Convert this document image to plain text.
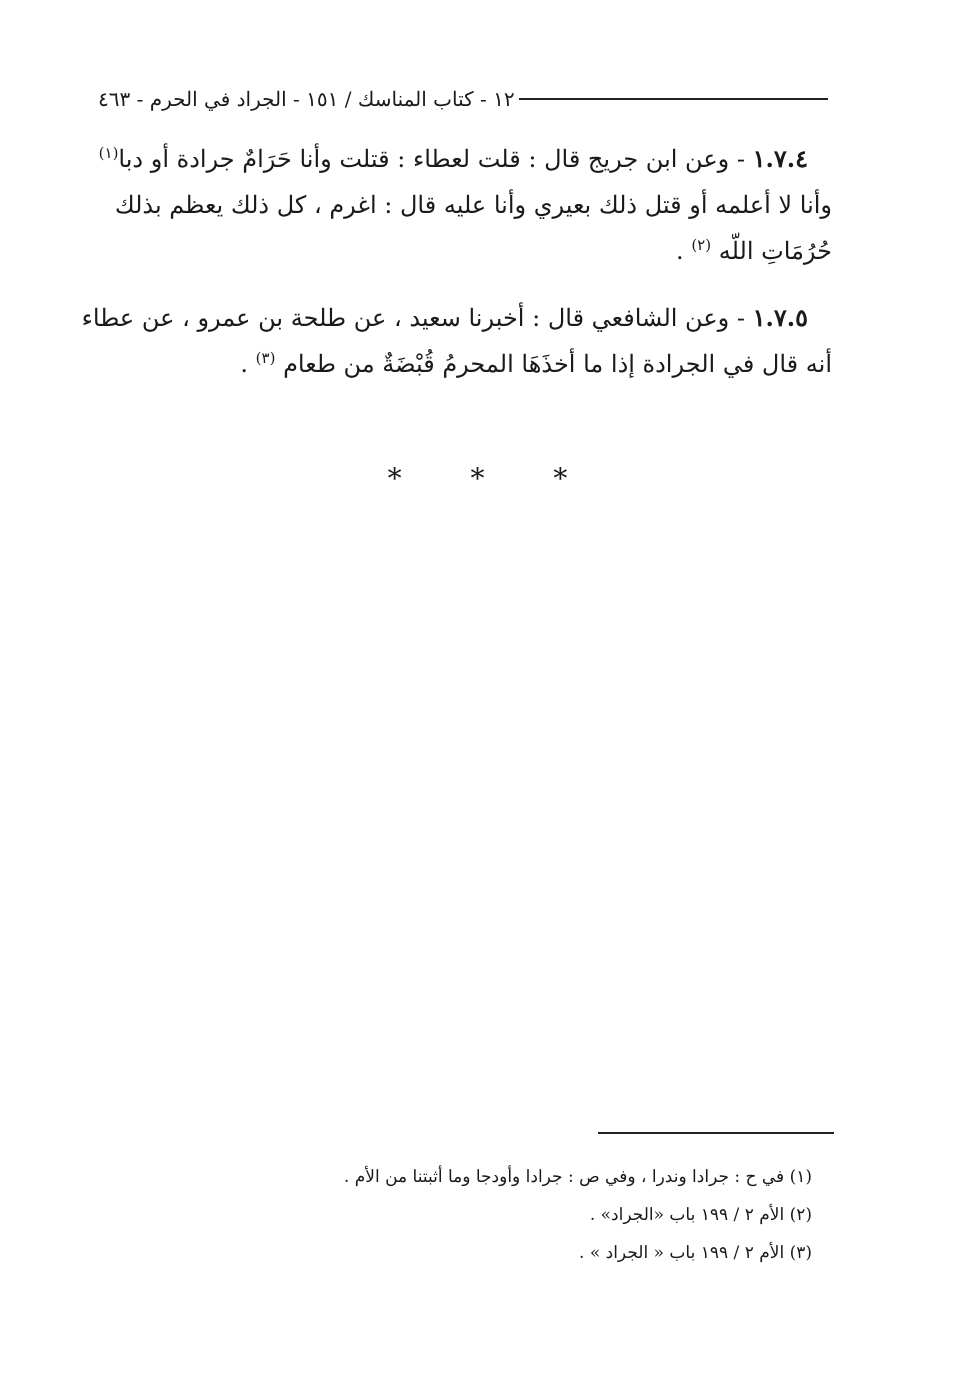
١٢ - كتاب المناسك / ١٥١ - الجراد في الحرم - ٤٦٣
١.٧.٤ - وعن ابن جريج قال : قلت لعطاء : قتلت وأنا حَرَامٌ جرادة أو دبا$^{(١)}$
وأنا لا أعلمه أو قتل ذلك بعيري وأنا عليه قال : اغرم ، كل ذلك يعظم بذلك
حُرُمَاتِ اللّه $^{(٢)}$ .
١.٧.٥ - وعن الشافعي قال : أخبرنا سعيد ، عن طلحة بن عمرو ، عن عطاء
أنه قال في الجرادة إذا ما أخذَهَا المحرمُ قُبْضَةٌ من طعام $^{(٣)}$ .
* * *
(١) في ح : جرادا وندرا ، وفي ص : جرادا وأودجا وما أثبتنا من الأم .
(٢) الأم ٢ / ١٩٩ باب «الجراد» .
(٣) الأم ٢ / ١٩٩ باب « الجراد » .
